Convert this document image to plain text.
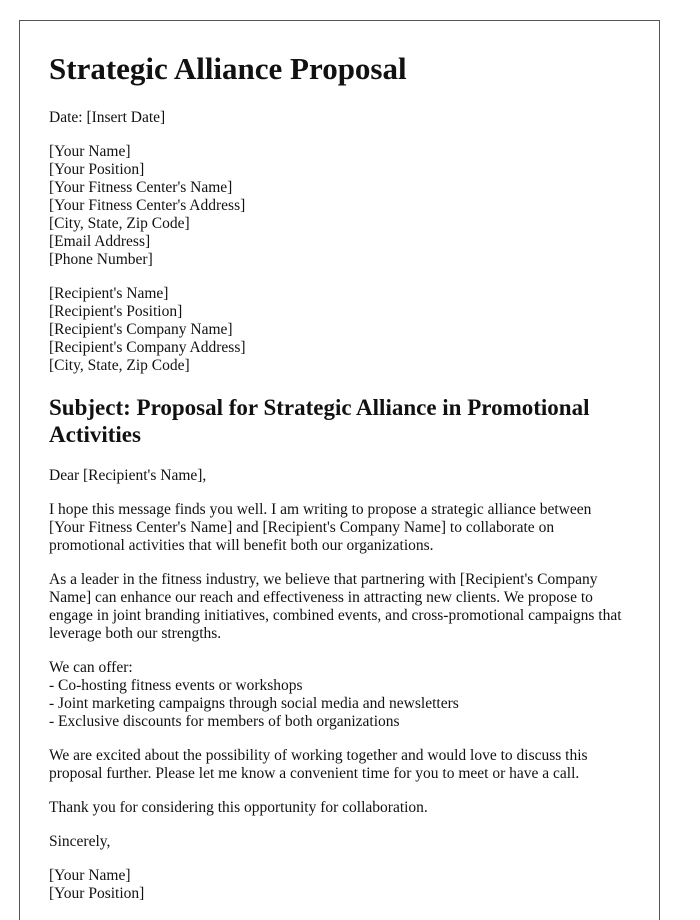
Strategic Alliance Proposal

Date: [Insert Date]

[Your Name]
[Your Position]
[Your Fitness Center's Name]
[Your Fitness Center's Address]
[City, State, Zip Code]
[Email Address]
[Phone Number]

[Recipient's Name]
[Recipient's Position]
[Recipient's Company Name]
[Recipient's Company Address]
[City, State, Zip Code]

Subject: Proposal for Strategic Alliance in Promotional Activities

Dear [Recipient's Name],

I hope this message finds you well. I am writing to propose a strategic alliance between [Your Fitness Center's Name] and [Recipient's Company Name] to collaborate on promotional activities that will benefit both our organizations.

As a leader in the fitness industry, we believe that partnering with [Recipient's Company Name] can enhance our reach and effectiveness in attracting new clients. We propose to engage in joint branding initiatives, combined events, and cross-promotional campaigns that leverage both our strengths.

We can offer:
- Co-hosting fitness events or workshops
- Joint marketing campaigns through social media and newsletters
- Exclusive discounts for members of both organizations

We are excited about the possibility of working together and would love to discuss this proposal further. Please let me know a convenient time for you to meet or have a call.

Thank you for considering this opportunity for collaboration.

Sincerely,

[Your Name]
[Your Position]
